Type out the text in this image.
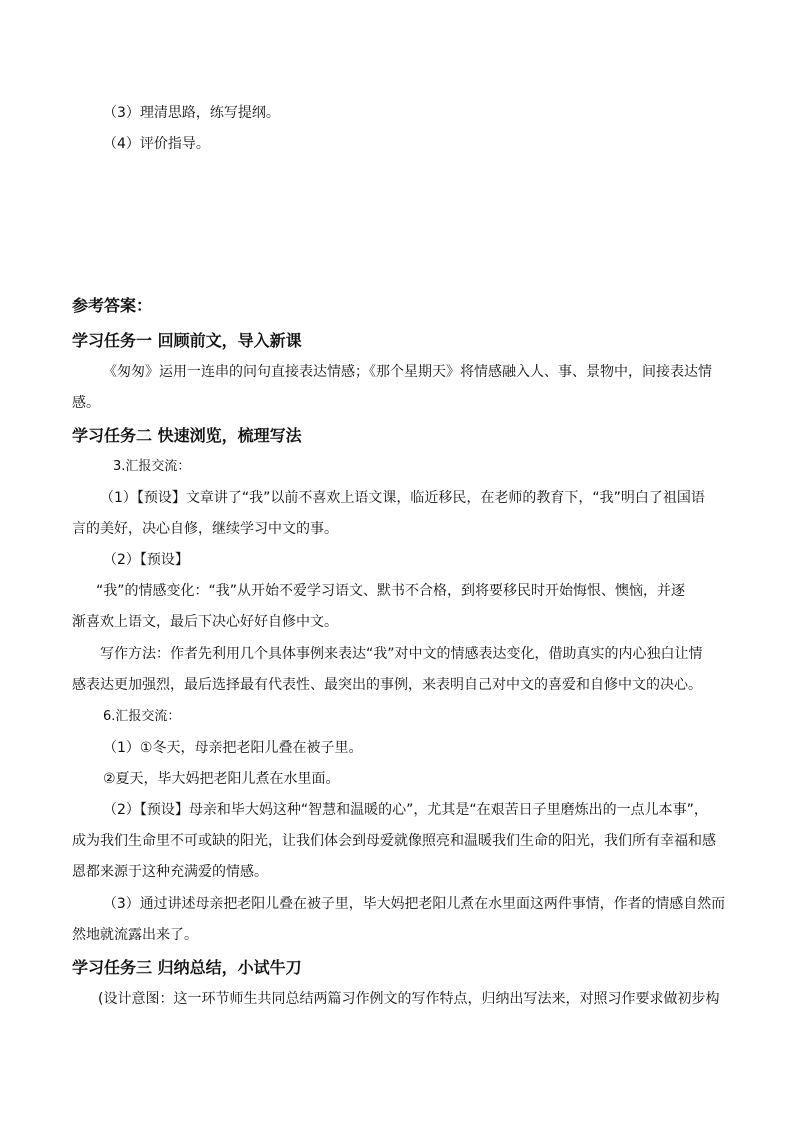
（3）理清思路，练写提纲。
（4）评价指导。
参考答案：
学习任务一 回顾前文，导入新课
《匆匆》运用一连串的问句直接表达情感；《那个星期天》将情感融入人、事、景物中，间接表达情
感。
学习任务二 快速浏览，梳理写法
3.汇报交流：
（1）【预设】文章讲了“我”以前不喜欢上语文课，临近移民，在老师的教育下，“我”明白了祖国语
言的美好，决心自修，继续学习中文的事。
（2）【预设】
“我”的情感变化：“我”从开始不爱学习语文、默书不合格，到将要移民时开始悔恨、懊恼，并逐
渐喜欢上语文，最后下决心好好自修中文。
写作方法：作者先利用几个具体事例来表达“我”对中文的情感表达变化，借助真实的内心独白让情
感表达更加强烈，最后选择最有代表性、最突出的事例，来表明自己对中文的喜爱和自修中文的决心。
6.汇报交流：
（1）①冬天，母亲把老阳儿叠在被子里。
②夏天，毕大妈把老阳儿煮在水里面。
（2）【预设】母亲和毕大妈这种“智慧和温暖的心”，尤其是“在艰苦日子里磨炼出的一点儿本事”，
成为我们生命里不可或缺的阳光，让我们体会到母爱就像照亮和温暖我们生命的阳光，我们所有幸福和感
恩都来源于这种充满爱的情感。
（3）通过讲述母亲把老阳儿叠在被子里，毕大妈把老阳儿煮在水里面这两件事情，作者的情感自然而
然地就流露出来了。
学习任务三 归纳总结，小试牛刀
(设计意图：这一环节师生共同总结两篇习作例文的写作特点，归纳出写法来，对照习作要求做初步构
